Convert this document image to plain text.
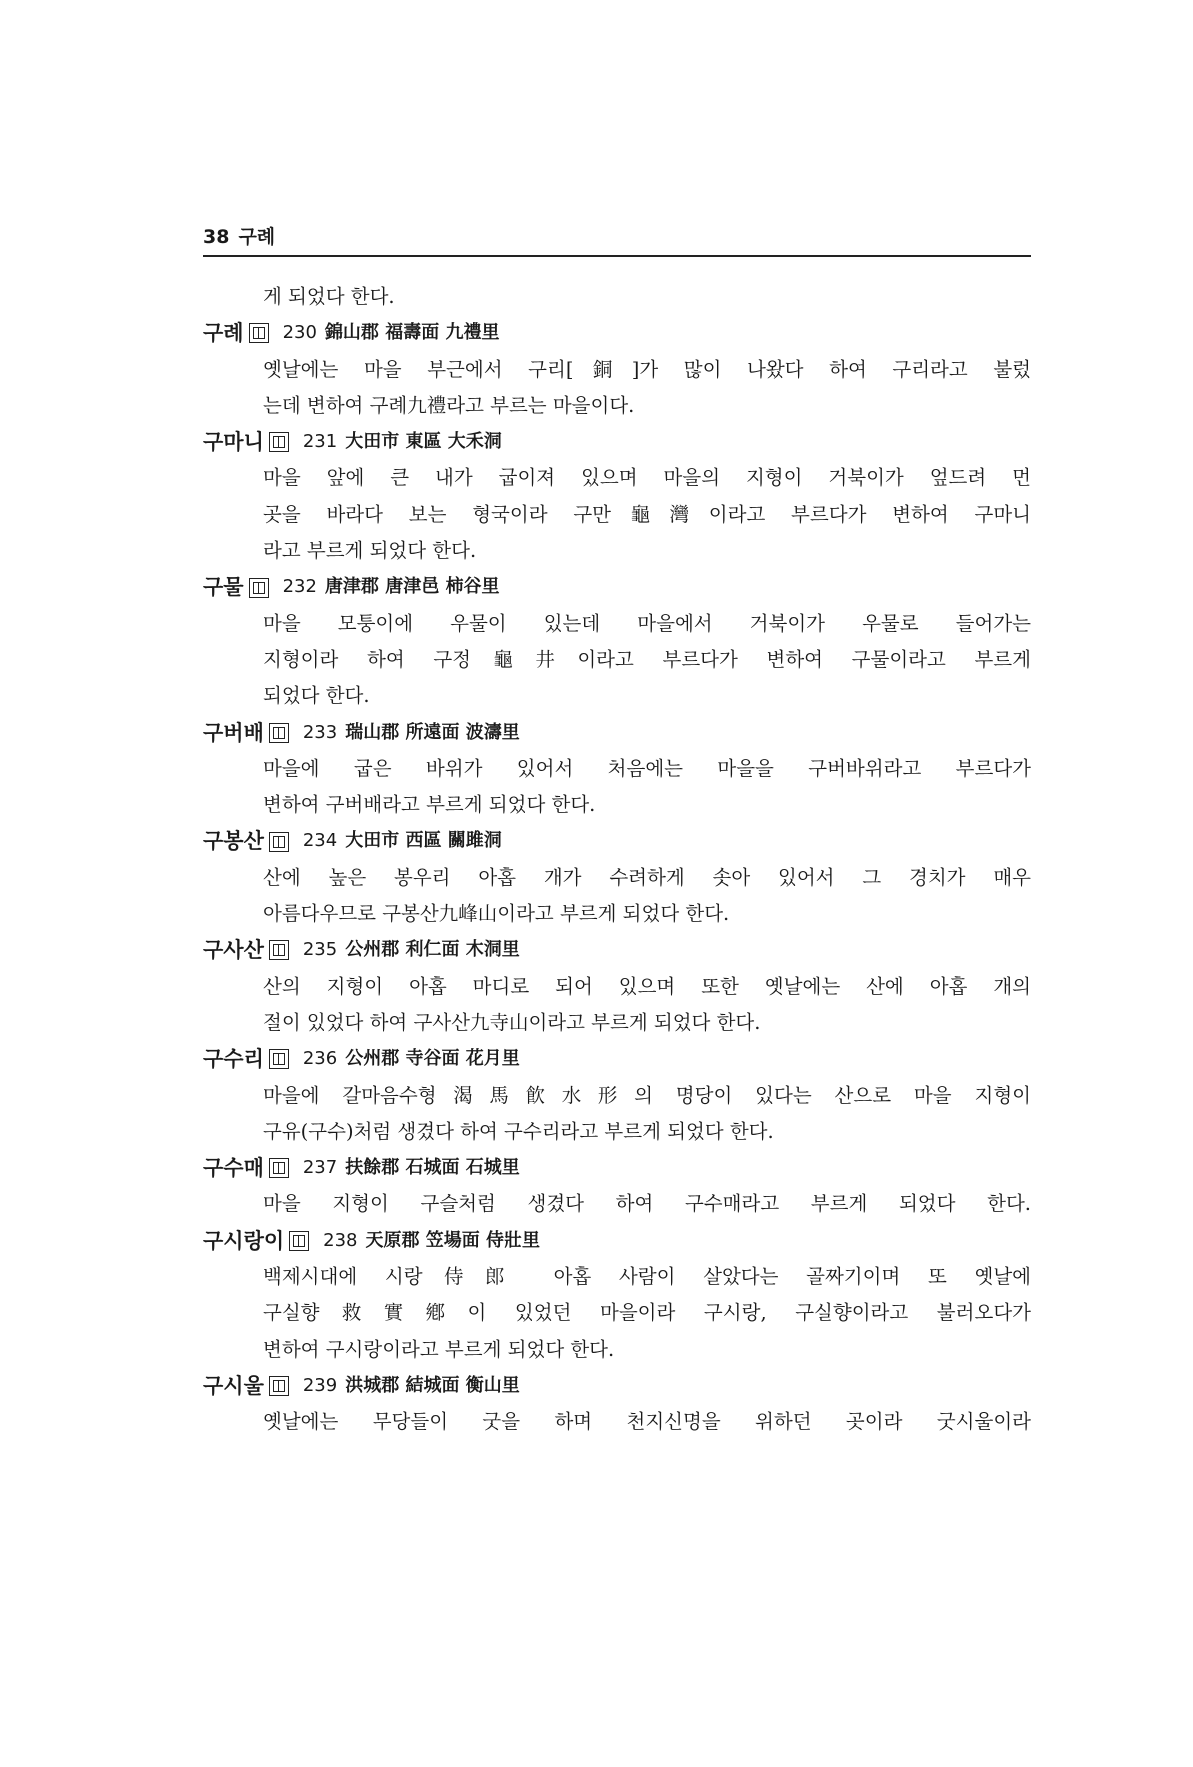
38 구례
게 되었다 한다.
구례 230 錦山郡 福壽面 九禮里
옛날에는 마을 부근에서 구리[銅]가 많이 나왔다 하여 구리라고 불렀
는데 변하여 구례九禮라고 부르는 마을이다.
구마니 231 大田市 東區 大禾洞
마을 앞에 큰 내가 굽이져 있으며 마을의 지형이 거북이가 엎드려 먼
곳을 바라다 보는 형국이라 구만龜灣이라고 부르다가 변하여 구마니
라고 부르게 되었다 한다.
구물 232 唐津郡 唐津邑 柿谷里
마을 모퉁이에 우물이 있는데 마을에서 거북이가 우물로 들어가는
지형이라 하여 구정龜井이라고 부르다가 변하여 구물이라고 부르게
되었다 한다.
구버배 233 瑞山郡 所遠面 波濤里
마을에 굽은 바위가 있어서 처음에는 마을을 구버바위라고 부르다가
변하여 구버배라고 부르게 되었다 한다.
구봉산 234 大田市 西區 關雎洞
산에 높은 봉우리 아홉 개가 수려하게 솟아 있어서 그 경치가 매우
아름다우므로 구봉산九峰山이라고 부르게 되었다 한다.
구사산 235 公州郡 利仁面 木洞里
산의 지형이 아홉 마디로 되어 있으며 또한 옛날에는 산에 아홉 개의
절이 있었다 하여 구사산九寺山이라고 부르게 되었다 한다.
구수리 236 公州郡 寺谷面 花月里
마을에 갈마음수형渴馬飮水形의 명당이 있다는 산으로 마을 지형이
구유(구수)처럼 생겼다 하여 구수리라고 부르게 되었다 한다.
구수매 237 扶餘郡 石城面 石城里
마을 지형이 구슬처럼 생겼다 하여 구수매라고 부르게 되었다 한다.
구시랑이 238 天原郡 笠場面 侍壯里
백제시대에 시랑侍郎 아홉 사람이 살았다는 골짜기이며 또 옛날에
구실향救實鄕이 있었던 마을이라 구시랑, 구실향이라고 불러오다가
변하여 구시랑이라고 부르게 되었다 한다.
구시울 239 洪城郡 結城面 衡山里
옛날에는 무당들이 굿을 하며 천지신명을 위하던 곳이라 굿시울이라
